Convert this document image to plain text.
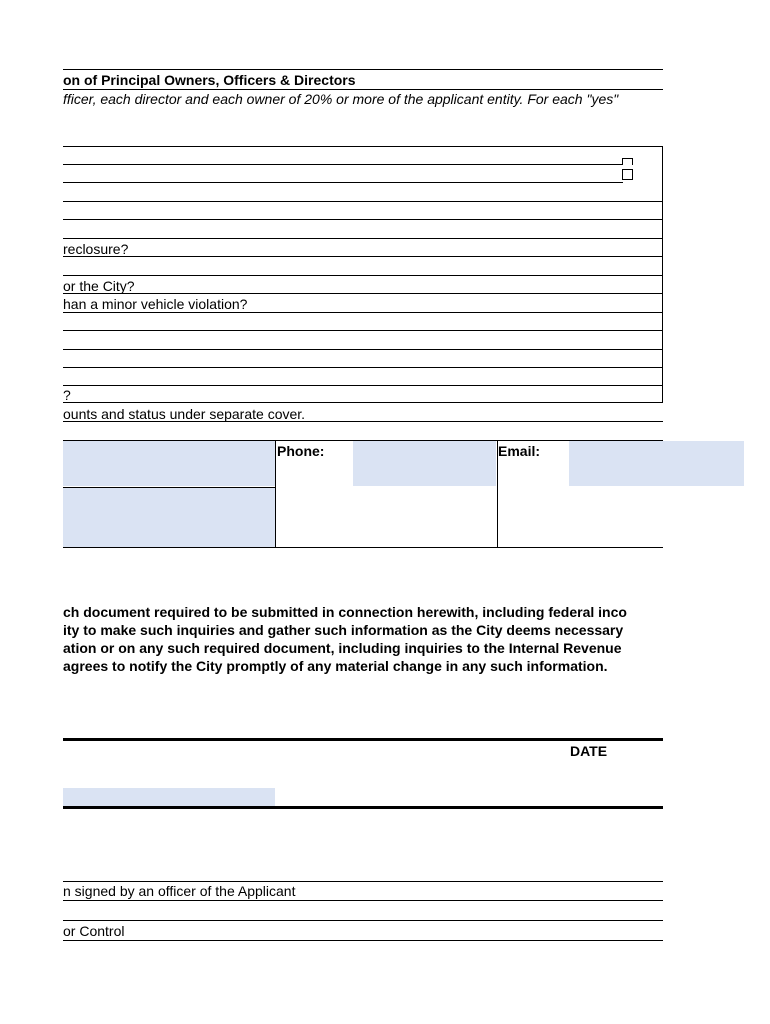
on of Principal Owners, Officers & Directors
fficer, each director and each owner of 20% or more of the applicant entity. For each "yes"
reclosure?
or the City?
han a minor vehicle violation?
?
ounts and status under separate cover.
Phone:	Email:
ch document required to be submitted in connection herewith, including federal inco
ity to make such inquiries and gather such information as the City deems necessary
ation or on any such required document, including inquiries to the Internal Revenue
agrees to notify the City promptly of any material change in any such information.
DATE
n signed by an officer of the Applicant
or Control
